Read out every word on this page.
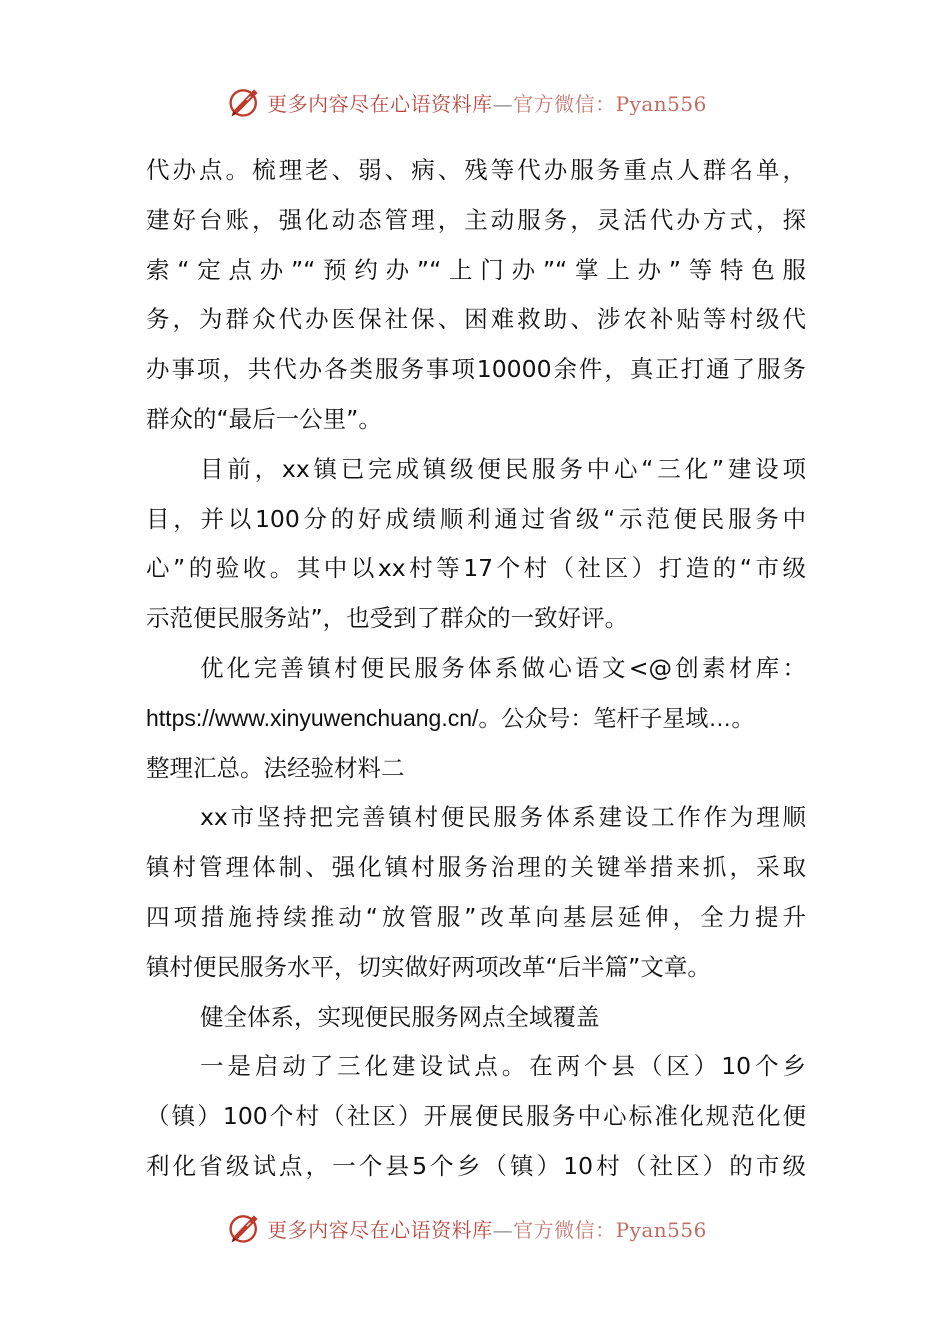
更多内容尽在心语资料库—官方微信：Pyan556
代办点。梳理老、弱、病、残等代办服务重点人群名单，
建好台账，强化动态管理，主动服务，灵活代办方式，探
索“定点办”“预约办”“上门办”“掌上办”等特色服
务，为群众代办医保社保、困难救助、涉农补贴等村级代
办事项，共代办各类服务事项10000余件，真正打通了服务
群众的“最后一公里”。
目前，xx镇已完成镇级便民服务中心“三化”建设项
目，并以100分的好成绩顺利通过省级“示范便民服务中
心”的验收。其中以xx村等17个村（社区）打造的“市级
示范便民服务站”，也受到了群众的一致好评。
优化完善镇村便民服务体系做心语文<@创素材库：
https://www.xinyuwenchuang.cn/。公众号：笔杆子星域…。
整理汇总。法经验材料二
xx市坚持把完善镇村便民服务体系建设工作作为理顺
镇村管理体制、强化镇村服务治理的关键举措来抓，采取
四项措施持续推动“放管服”改革向基层延伸，全力提升
镇村便民服务水平，切实做好两项改革“后半篇”文章。
健全体系，实现便民服务网点全域覆盖
一是启动了三化建设试点。在两个县（区）10个乡
（镇）100个村（社区）开展便民服务中心标准化规范化便
利化省级试点，一个县5个乡（镇）10村（社区）的市级
更多内容尽在心语资料库—官方微信：Pyan556
